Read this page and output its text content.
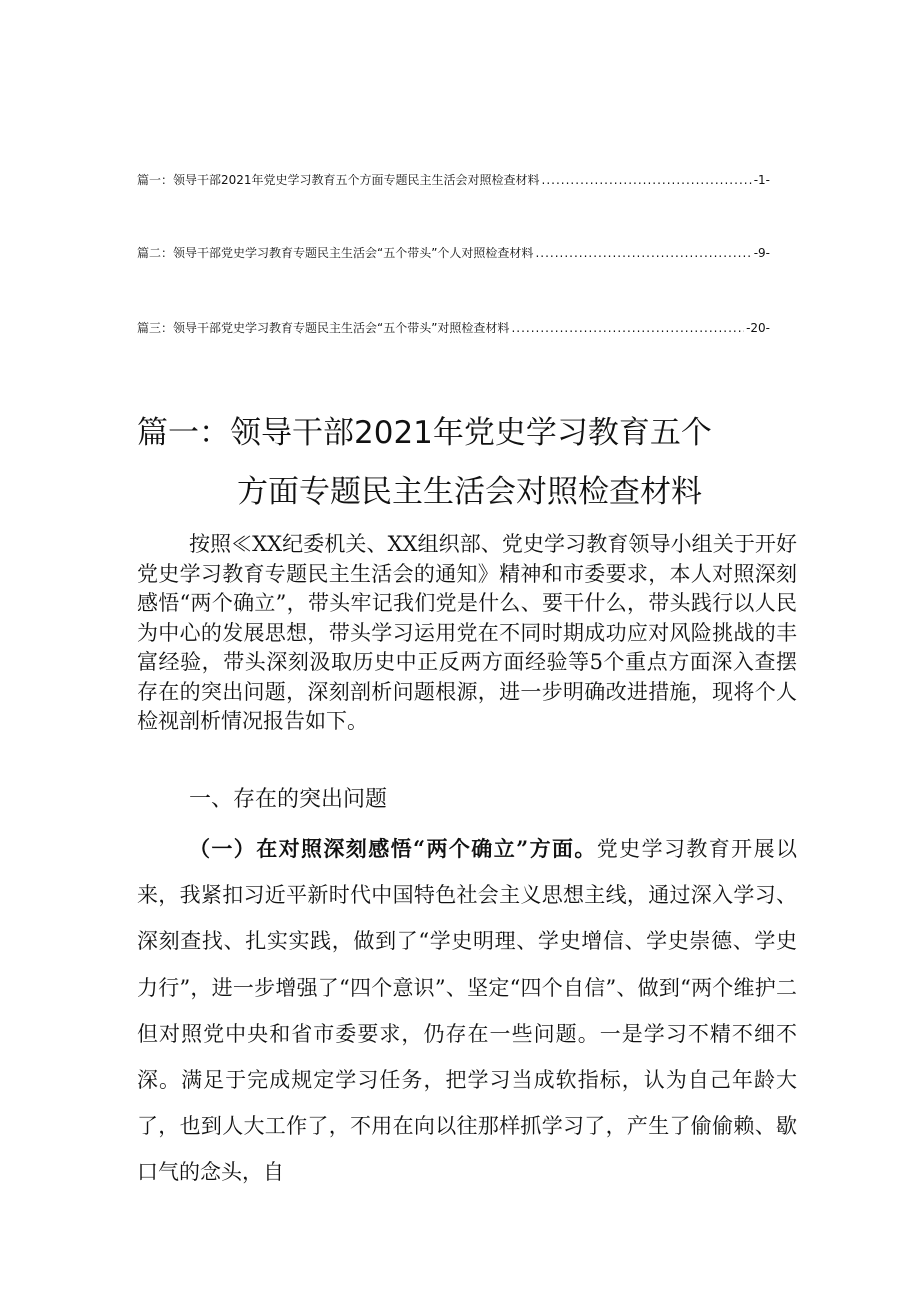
篇一：领导干部2021年党史学习教育五个方面专题民主生活会对照检查材料 .....	-1-
篇二：领导干部党史学习教育专题民主生活会“五个带头”个人对照检查材料 .....	-9-
篇三：领导干部党史学习教育专题民主生活会“五个带头”对照检查材料 .....	-20-
篇一：领导干部2021年党史学习教育五个
方面专题民主生活会对照检查材料

按照≪XX纪委机关、XX组织部、党史学习教育领导小组关于开好党史学习教育专题民主生活会的通知》精神和市委要求，本人对照深刻感悟“两个确立”，带头牢记我们党是什么、要干什么，带头践行以人民为中心的发展思想，带头学习运用党在不同时期成功应对风险挑战的丰富经验，带头深刻汲取历史中正反两方面经验等5个重点方面深入查摆存在的突出问题，深刻剖析问题根源，进一步明确改进措施，现将个人检视剖析情况报告如下。

一、存在的突出问题

（一）在对照深刻感悟“两个确立”方面。党史学习教育开展以来，我紧扣习近平新时代中国特色社会主义思想主线，通过深入学习、深刻查找、扎实实践，做到了“学史明理、学史增信、学史崇德、学史力行”，进一步增强了“四个意识”、坚定“四个自信”、做到“两个维护二但对照党中央和省市委要求，仍存在一些问题。一是学习不精不细不深。满足于完成规定学习任务，把学习当成软指标，认为自己年龄大了，也到人大工作了，不用在向以往那样抓学习了，产生了偷偷赖、歇口气的念头，自
